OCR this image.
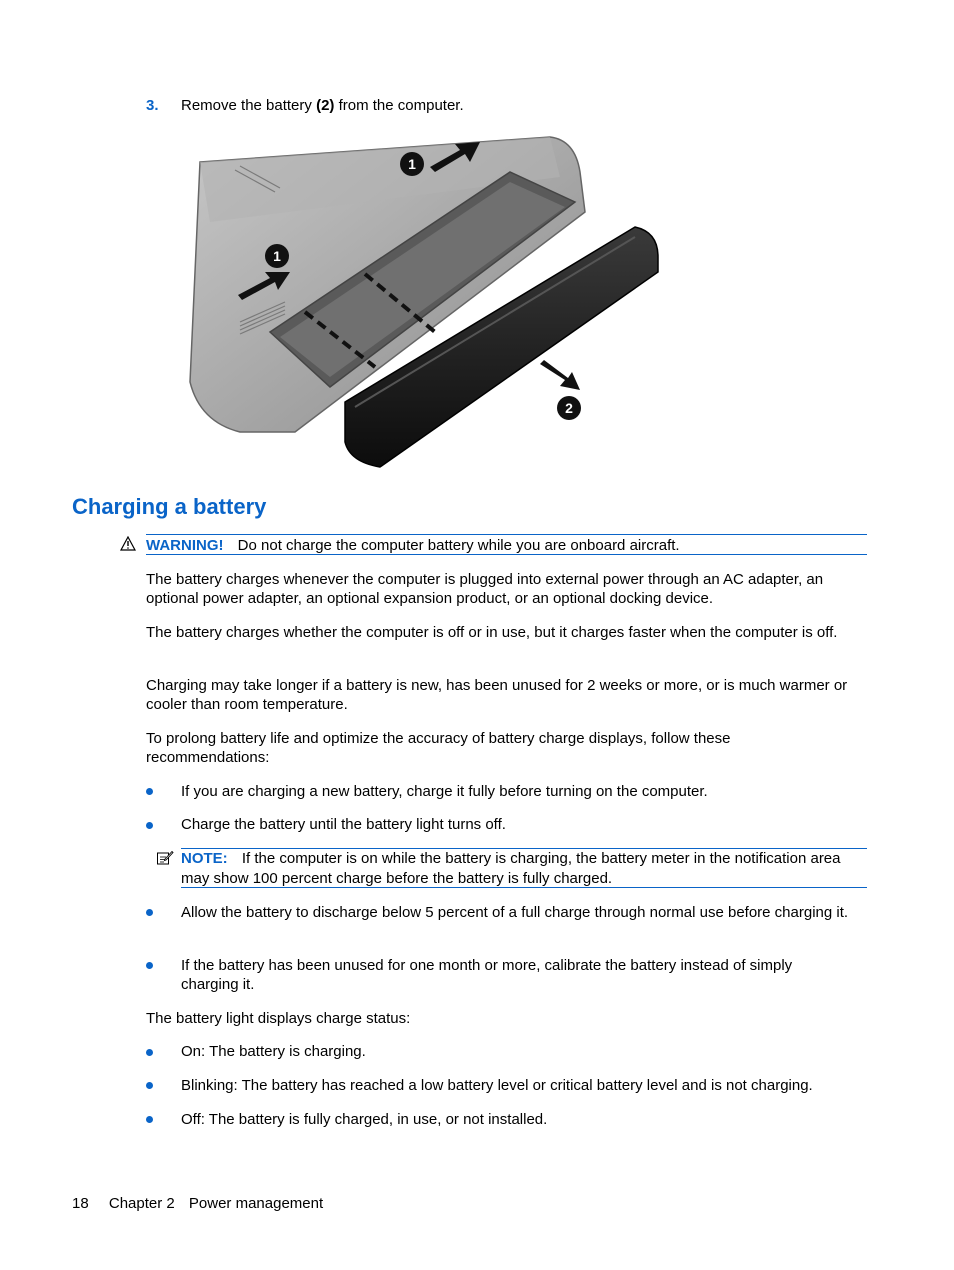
3. Remove the battery (2) from the computer.
1
1
2
Charging a battery
WARNING! Do not charge the computer battery while you are onboard aircraft.
The battery charges whenever the computer is plugged into external power through an AC adapter, an optional power adapter, an optional expansion product, or an optional docking device.
The battery charges whether the computer is off or in use, but it charges faster when the computer is off.
Charging may take longer if a battery is new, has been unused for 2 weeks or more, or is much warmer or cooler than room temperature.
To prolong battery life and optimize the accuracy of battery charge displays, follow these recommendations:
If you are charging a new battery, charge it fully before turning on the computer.
Charge the battery until the battery light turns off.
NOTE: If the computer is on while the battery is charging, the battery meter in the notification area may show 100 percent charge before the battery is fully charged.
Allow the battery to discharge below 5 percent of a full charge through normal use before charging it.
If the battery has been unused for one month or more, calibrate the battery instead of simply charging it.
The battery light displays charge status:
On: The battery is charging.
Blinking: The battery has reached a low battery level or critical battery level and is not charging.
Off: The battery is fully charged, in use, or not installed.
18 Chapter 2 Power management
